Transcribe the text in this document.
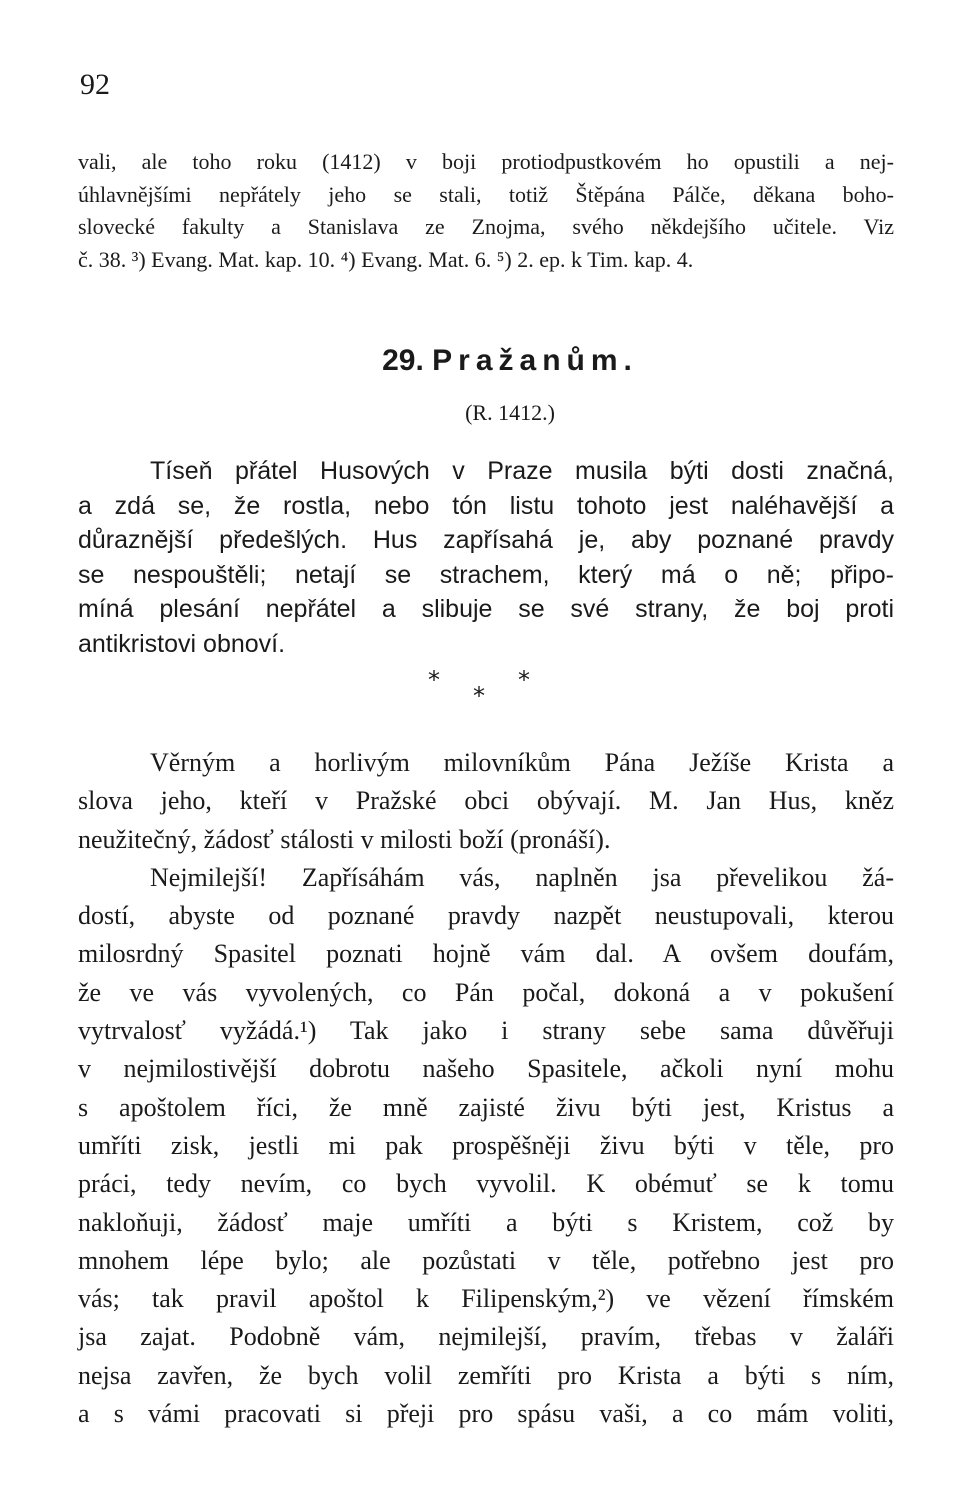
92
vali, ale toho roku (1412) v boji protiodpustkovém ho opustili a nej-
úhlavnějšími nepřátely jeho se stali, totiž Štěpána Pálče, děkana boho-
slovecké fakulty a Stanislava ze Znojma, svého někdejšího učitele. Viz
č. 38. ³) Evang. Mat. kap. 10. ⁴) Evang. Mat. 6. ⁵) 2. ep. k Tim. kap. 4.
29. Pražanům.
(R. 1412.)
Tíseň přátel Husových v Praze musila býti dosti značná,
a zdá se, že rostla, nebo tón listu tohoto jest naléhavější a
důraznější předešlých. Hus zapřísahá je, aby poznané pravdy
se nespouštěli; netají se strachem, který má o ně; připo-
míná plesání nepřátel a slibuje se své strany, že boj proti
antikristovi obnoví.
*	*
*
Věrným a horlivým milovníkům Pána Ježíše Krista a
slova jeho, kteří v Pražské obci obývají. M. Jan Hus, kněz
neužitečný, žádosť stálosti v milosti boží (pronáší).
Nejmilejší! Zapřísáhám vás, naplněn jsa převelikou žá-
dostí, abyste od poznané pravdy nazpět neustupovali, kterou
milosrdný Spasitel poznati hojně vám dal. A ovšem doufám,
že ve vás vyvolených, co Pán počal, dokoná a v pokušení
vytrvalosť vyžádá.¹) Tak jako i strany sebe sama důvěřuji
v nejmilostivější dobrotu našeho Spasitele, ačkoli nyní mohu
s apoštolem říci, že mně zajisté živu býti jest, Kristus a
umříti zisk, jestli mi pak prospěšněji živu býti v těle, pro
práci, tedy nevím, co bych vyvolil. K obémuť se k tomu
nakloňuji, žádosť maje umříti a býti s Kristem, což by
mnohem lépe bylo; ale pozůstati v těle, potřebno jest pro
vás; tak pravil apoštol k Filipenským,²) ve vězení římském
jsa zajat. Podobně vám, nejmilejší, pravím, třebas v žaláři
nejsa zavřen, že bych volil zemříti pro Krista a býti s ním,
a s vámi pracovati si přeji pro spásu vaši, a co mám voliti,
